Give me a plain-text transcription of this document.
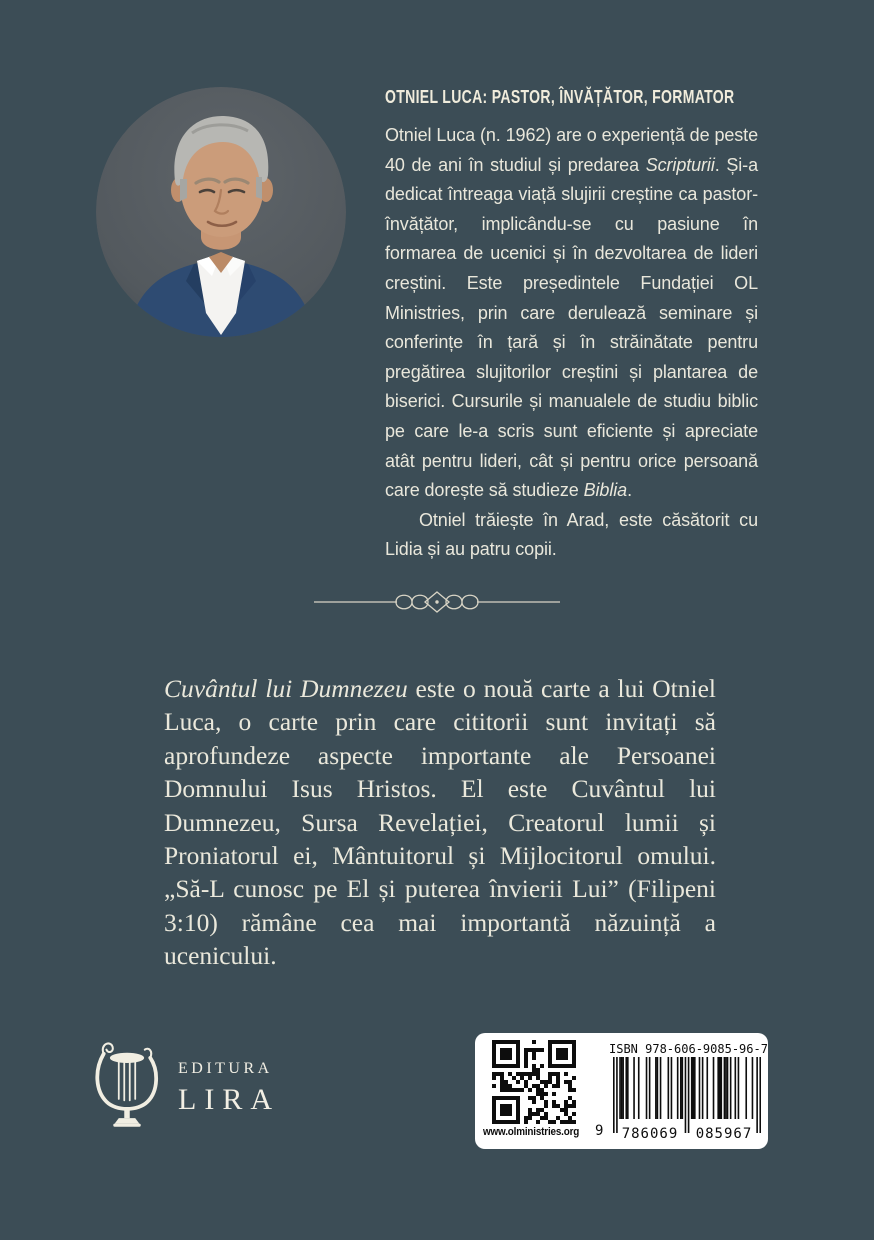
OTNIEL LUCA: PASTOR, ÎNVĂȚĂTOR, FORMATOR

Otniel Luca (n. 1962) are o experiență de peste 40 de ani în studiul și predarea Scripturii. Și-a dedicat întreaga viață slujirii creștine ca pastor-învățător, implicându-se cu pasiune în formarea de ucenici și în dezvoltarea de lideri creștini. Este președintele Fundației OL Ministries, prin care derulează seminare și conferințe în țară și în străinătate pentru pregătirea slujitorilor creștini și plantarea de biserici. Cursurile și manualele de studiu biblic pe care le-a scris sunt eficiente și apreciate atât pentru lideri, cât și pentru orice persoană care dorește să studieze Biblia.

Otniel trăiește în Arad, este căsătorit cu Lidia și au patru copii.

Cuvântul lui Dumnezeu este o nouă carte a lui Otniel Luca, o carte prin care cititorii sunt invitați să aprofundeze aspecte importante ale Persoanei Domnului Isus Hristos. El este Cuvântul lui Dumnezeu, Sursa Revelației, Creatorul lumii și Proniatorul ei, Mântuitorul și Mijlocitorul omului. „Să-L cunosc pe El și puterea învierii Lui” (Filipeni 3:10) rămâne cea mai importantă năzuință a ucenicului.
EDITURA
LIRA
www.olministries.org
ISBN 978-606-9085-96-7
9 786069 085967
